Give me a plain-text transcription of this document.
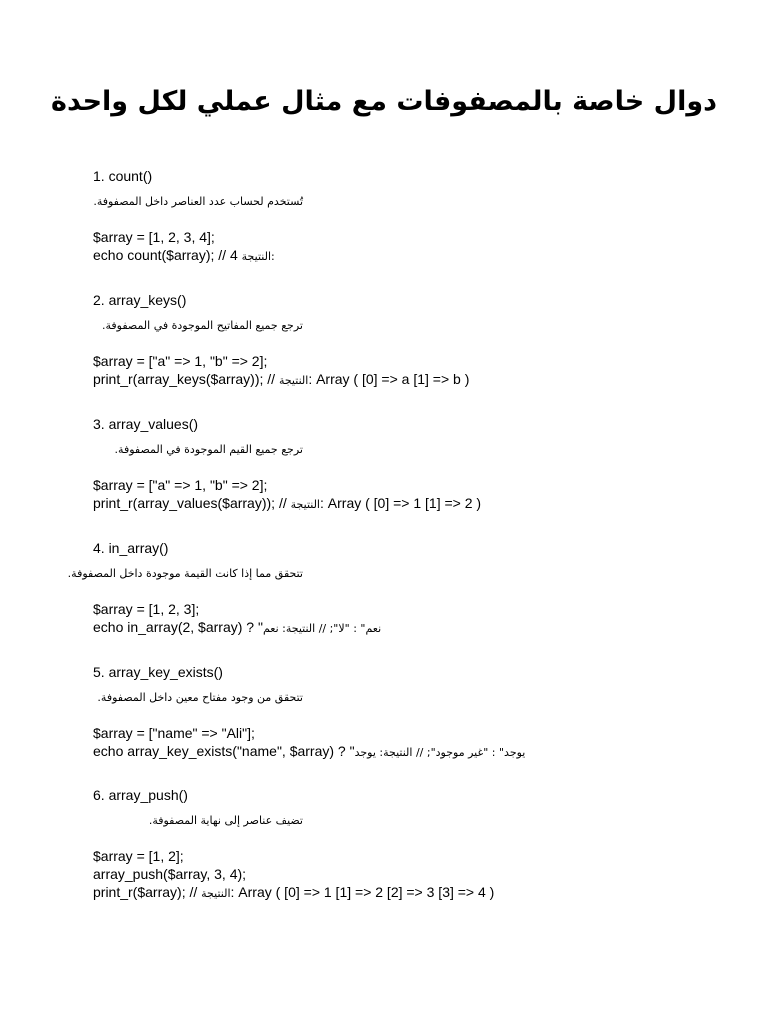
دوال خاصة بالمصفوفات مع مثال عملي لكل واحدة
1. count()
تُستخدم لحساب عدد العناصر داخل المصفوفة.
$array = [1, 2, 3, 4];
echo count($array); // 4 النتيجة:
2. array_keys()
ترجع جميع المفاتيح الموجودة في المصفوفة.
$array = ["a" => 1, "b" => 2];
print_r(array_keys($array)); // النتيجة: Array ( [0] => a [1] => b )
3. array_values()
ترجع جميع القيم الموجودة في المصفوفة.
$array = ["a" => 1, "b" => 2];
print_r(array_values($array)); // النتيجة: Array ( [0] => 1 [1] => 2 )
4. in_array()
تتحقق مما إذا كانت القيمة موجودة داخل المصفوفة.
$array = [1, 2, 3];
echo in_array(2, $array) ? "نعم" : "لا"; // النتيجة: نعم
5. array_key_exists()
تتحقق من وجود مفتاح معين داخل المصفوفة.
$array = ["name" => "Ali"];
echo array_key_exists("name", $array) ? "يوجد" : "غير موجود"; // النتيجة: يوجد
6. array_push()
تضيف عناصر إلى نهاية المصفوفة.
$array = [1, 2];
array_push($array, 3, 4);
print_r($array); // النتيجة: Array ( [0] => 1 [1] => 2 [2] => 3 [3] => 4 )
